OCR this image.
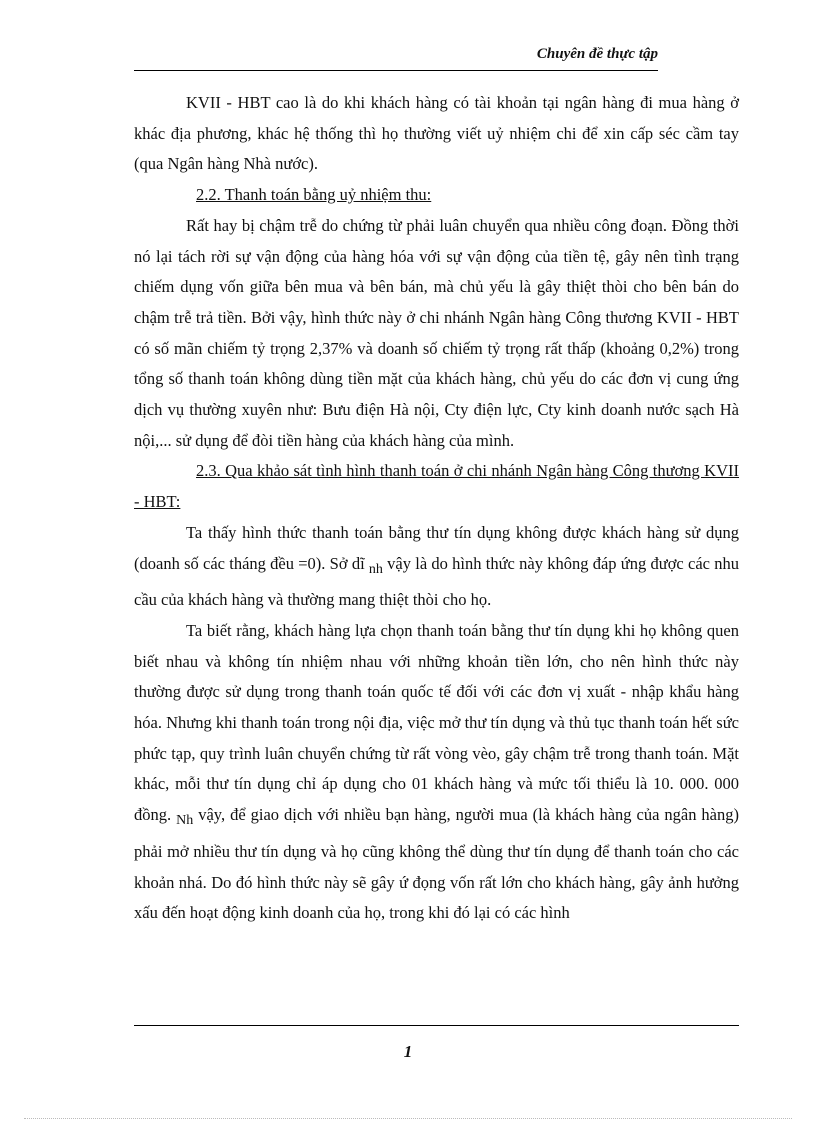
Chuyên đề thực tập

KVII - HBT cao là do khi khách hàng có tài khoản tại ngân hàng đi mua hàng ở khác địa phương, khác hệ thống thì họ thường viết uỷ nhiệm chi để xin cấp séc cầm tay (qua Ngân hàng Nhà nước).

2.2. Thanh toán bằng uỷ nhiệm thu:

Rất hay bị chậm trễ do chứng từ phải luân chuyển qua nhiều công đoạn. Đồng thời nó lại tách rời sự vận động của hàng hóa với sự vận động của tiền tệ, gây nên tình trạng chiếm dụng vốn giữa bên mua và bên bán, mà chủ yếu là gây thiệt thòi cho bên bán do chậm trễ trả tiền. Bởi vậy, hình thức này ở chi nhánh Ngân hàng Công thương KVII - HBT có số mãn chiếm tỷ trọng 2,37% và doanh số chiếm tỷ trọng rất thấp (khoảng 0,2%) trong tổng số thanh toán không dùng tiền mặt của khách hàng, chủ yếu do các đơn vị cung ứng dịch vụ thường xuyên như: Bưu điện Hà nội, Cty điện lực, Cty kinh doanh nước sạch Hà nội,... sử dụng để đòi tiền hàng của khách hàng của mình.

2.3. Qua khảo sát tình hình thanh toán ở chi nhánh Ngân hàng Công thương KVII - HBT:

Ta thấy hình thức thanh toán bằng thư tín dụng không được khách hàng sử dụng (doanh số các tháng đều =0). Sở dĩ $_{nh}$ vậy là do hình thức này không đáp ứng được các nhu cầu của khách hàng và thường mang thiệt thòi cho họ.

Ta biết rằng, khách hàng lựa chọn thanh toán bằng thư tín dụng khi họ không quen biết nhau và không tín nhiệm nhau với những khoản tiền lớn, cho nên hình thức này thường được sử dụng trong thanh toán quốc tế đối với các đơn vị xuất - nhập khẩu hàng hóa. Nhưng khi thanh toán trong nội địa, việc mở thư tín dụng và thủ tục thanh toán hết sức phức tạp, quy trình luân chuyển chứng từ rất vòng vèo, gây chậm trễ trong thanh toán. Mặt khác, mỗi thư tín dụng chỉ áp dụng cho 01 khách hàng và mức tối thiểu là 10. 000. 000 đồng. $_{Nh}$ vậy, để giao dịch với nhiều bạn hàng, người mua (là khách hàng của ngân hàng) phải mở nhiều thư tín dụng và họ cũng không thể dùng thư tín dụng để thanh toán cho các khoản nhá. Do đó hình thức này sẽ gây ứ đọng vốn rất lớn cho khách hàng, gây ảnh hưởng xấu đến hoạt động kinh doanh của họ, trong khi đó lại có các hình

1
